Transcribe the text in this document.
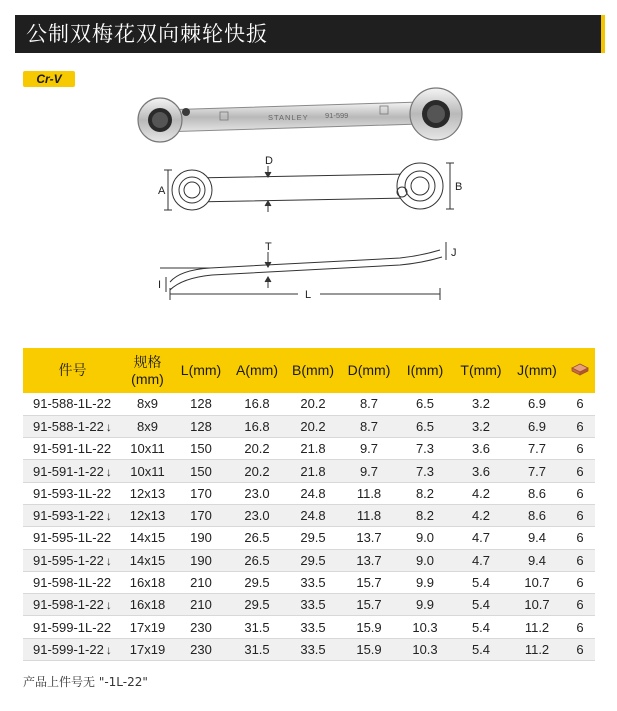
公制双梅花双向棘轮快扳
Cr-V
STANLEY 91-599
D
A	B
T	J
I
L
件号	规格
(mm)	L(mm)	A(mm)	B(mm)	D(mm)	I(mm)	T(mm)	J(mm)	
91-588-1L-22	8x9	128	16.8	20.2	8.7	6.5	3.2	6.9	6
91-588-1-22 ↓	8x9	128	16.8	20.2	8.7	6.5	3.2	6.9	6
91-591-1L-22	10x11	150	20.2	21.8	9.7	7.3	3.6	7.7	6
91-591-1-22 ↓	10x11	150	20.2	21.8	9.7	7.3	3.6	7.7	6
91-593-1L-22	12x13	170	23.0	24.8	11.8	8.2	4.2	8.6	6
91-593-1-22 ↓	12x13	170	23.0	24.8	11.8	8.2	4.2	8.6	6
91-595-1L-22	14x15	190	26.5	29.5	13.7	9.0	4.7	9.4	6
91-595-1-22 ↓	14x15	190	26.5	29.5	13.7	9.0	4.7	9.4	6
91-598-1L-22	16x18	210	29.5	33.5	15.7	9.9	5.4	10.7	6
91-598-1-22 ↓	16x18	210	29.5	33.5	15.7	9.9	5.4	10.7	6
91-599-1L-22	17x19	230	31.5	33.5	15.9	10.3	5.4	11.2	6
91-599-1-22 ↓	17x19	230	31.5	33.5	15.9	10.3	5.4	11.2	6
产品上件号无 "-1L-22"
